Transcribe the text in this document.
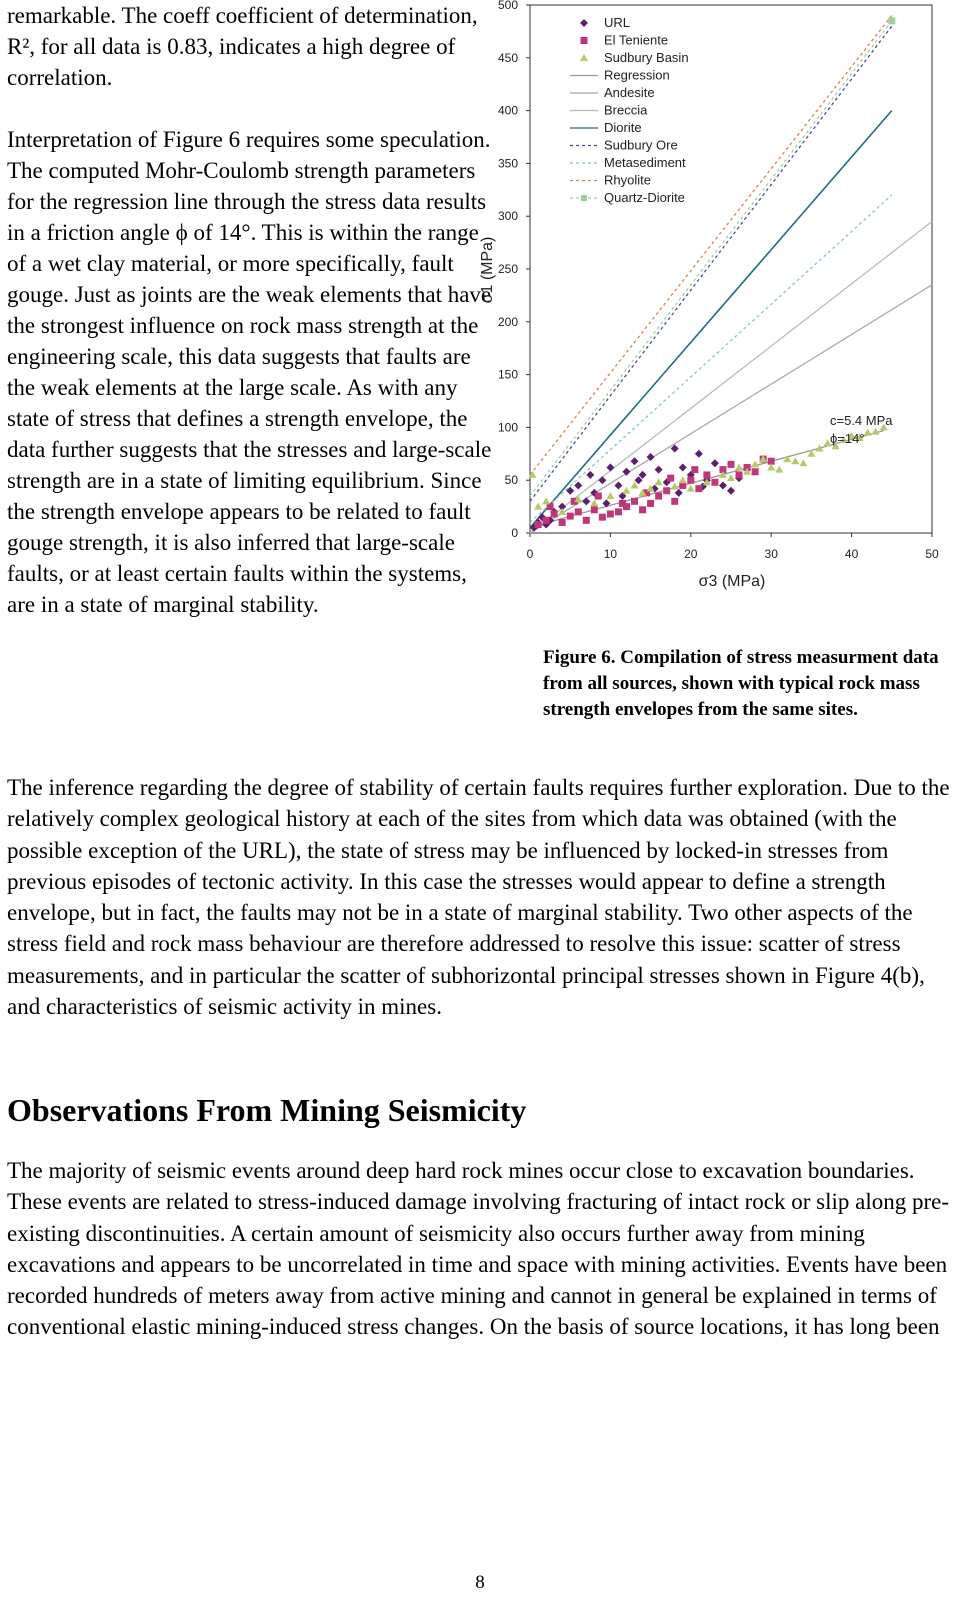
remarkable. The coeff coefficient of determination, R², for all data is 0.83, indicates a high degree of correlation.

Interpretation of Figure 6 requires some speculation. The computed Mohr-Coulomb strength parameters for the regression line through the stress data results in a friction angle ϕ of 14°. This is within the range of a wet clay material, or more specifically, fault gouge. Just as joints are the weak elements that have the strongest influence on rock mass strength at the engineering scale, this data suggests that faults are the weak elements at the large scale. As with any state of stress that defines a strength envelope, the data further suggests that the stresses and large-scale strength are in a state of limiting equilibrium. Since the strength envelope appears to be related to fault gouge strength, it is also inferred that large-scale faults, or at least certain faults within the systems, are in a state of marginal stability.

0
50
100
150
200
250
300
350
400
450
500
0	10	20	30	40	50
URL
El Teniente
Sudbury Basin
Regression
Andesite
Breccia
Diorite
Sudbury Ore
Metasediment
Rhyolite
Quartz-Diorite
σ3 (MPa)
σ1 (MPa)
c=5.4 MPa
ϕ=14°
Figure 6. Compilation of stress measurment data from all sources, shown with typical rock mass strength envelopes from the same sites.

The inference regarding the degree of stability of certain faults requires further exploration. Due to the relatively complex geological history at each of the sites from which data was obtained (with the possible exception of the URL), the state of stress may be influenced by locked-in stresses from previous episodes of tectonic activity. In this case the stresses would appear to define a strength envelope, but in fact, the faults may not be in a state of marginal stability. Two other aspects of the stress field and rock mass behaviour are therefore addressed to resolve this issue: scatter of stress measurements, and in particular the scatter of subhorizontal principal stresses shown in Figure 4(b), and characteristics of seismic activity in mines.

Observations From Mining Seismicity

The majority of seismic events around deep hard rock mines occur close to excavation boundaries. These events are related to stress-induced damage involving fracturing of intact rock or slip along pre-existing discontinuities. A certain amount of seismicity also occurs further away from mining excavations and appears to be uncorrelated in time and space with mining activities. Events have been recorded hundreds of meters away from active mining and cannot in general be explained in terms of conventional elastic mining-induced stress changes. On the basis of source locations, it has long been

8
